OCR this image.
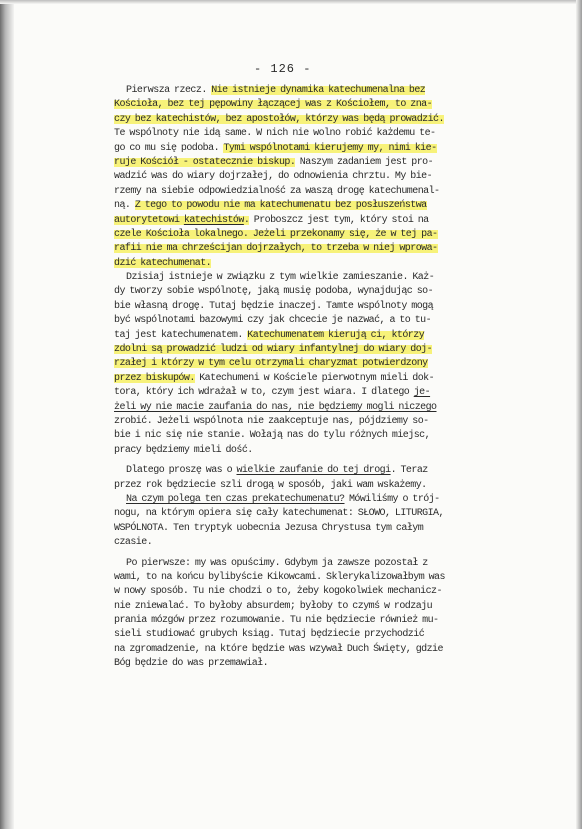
- 126 -
Pierwsza rzecz. Nie istnieje dynamika katechumenalna bez
Kościoła, bez tej pępowiny łączącej was z Kościołem, to zna-
czy bez katechistów, bez apostołów, którzy was będą prowadzić.
Te wspólnoty nie idą same. W nich nie wolno robić każdemu te-
go co mu się podoba. Tymi wspólnotami kierujemy my, nimi kie-
ruje Kościół - ostatecznie biskup. Naszym zadaniem jest pro-
wadzić was do wiary dojrzałej, do odnowienia chrztu. My bie-
rzemy na siebie odpowiedzialność za waszą drogę katechumenal-
ną. Z tego to powodu nie ma katechumenatu bez posłuszeństwa
autorytetowi katechistów. Proboszcz jest tym, który stoi na
czele Kościoła lokalnego. Jeżeli przekonamy się, że w tej pa-
rafii nie ma chrześcijan dojrzałych, to trzeba w niej wprowa-
dzić katechumenat.
Dzisiaj istnieje w związku z tym wielkie zamieszanie. Każ-
dy tworzy sobie wspólnotę, jaką musię podoba, wynajdując so-
bie własną drogę. Tutaj będzie inaczej. Tamte wspólnoty mogą
być wspólnotami bazowymi czy jak chcecie je nazwać, a to tu-
taj jest katechumenatem. Katechumenatem kierują ci, którzy
zdolni są prowadzić ludzi od wiary infantylnej do wiary doj-
rzałej i którzy w tym celu otrzymali charyzmat potwierdzony
przez biskupów. Katechumeni w Kościele pierwotnym mieli dok-
tora, który ich wdrażał w to, czym jest wiara. I dlatego je-
żeli wy nie macie zaufania do nas, nie będziemy mogli niczego
zrobić. Jeżeli wspólnota nie zaakceptuje nas, pójdziemy so-
bie i nic się nie stanie. Wołają nas do tylu różnych miejsc,
pracy będziemy mieli dość.
Dlatego proszę was o wielkie zaufanie do tej drogi. Teraz
przez rok będziecie szli drogą w sposób, jaki wam wskażemy.
Na czym polega ten czas prekatechumenatu? Mówiliśmy o trój-
nogu, na którym opiera się cały katechumenat: SŁOWO, LITURGIA,
WSPÓLNOTA. Ten tryptyk uobecnia Jezusa Chrystusa tym całym
czasie.
Po pierwsze: my was opuścimy. Gdybym ja zawsze pozostał z
wami, to na końcu bylibyście Kikowcami. Sklerykalizowałbym was
w nowy sposób. Tu nie chodzi o to, żeby kogokolwiek mechanicz-
nie zniewalać. To byłoby absurdem; byłoby to czymś w rodzaju
prania mózgów przez rozumowanie. Tu nie będziecie również mu-
sieli studiować grubych ksiąg. Tutaj będziecie przychodzić
na zgromadzenie, na które będzie was wzywał Duch Święty, gdzie
Bóg będzie do was przemawiał.
